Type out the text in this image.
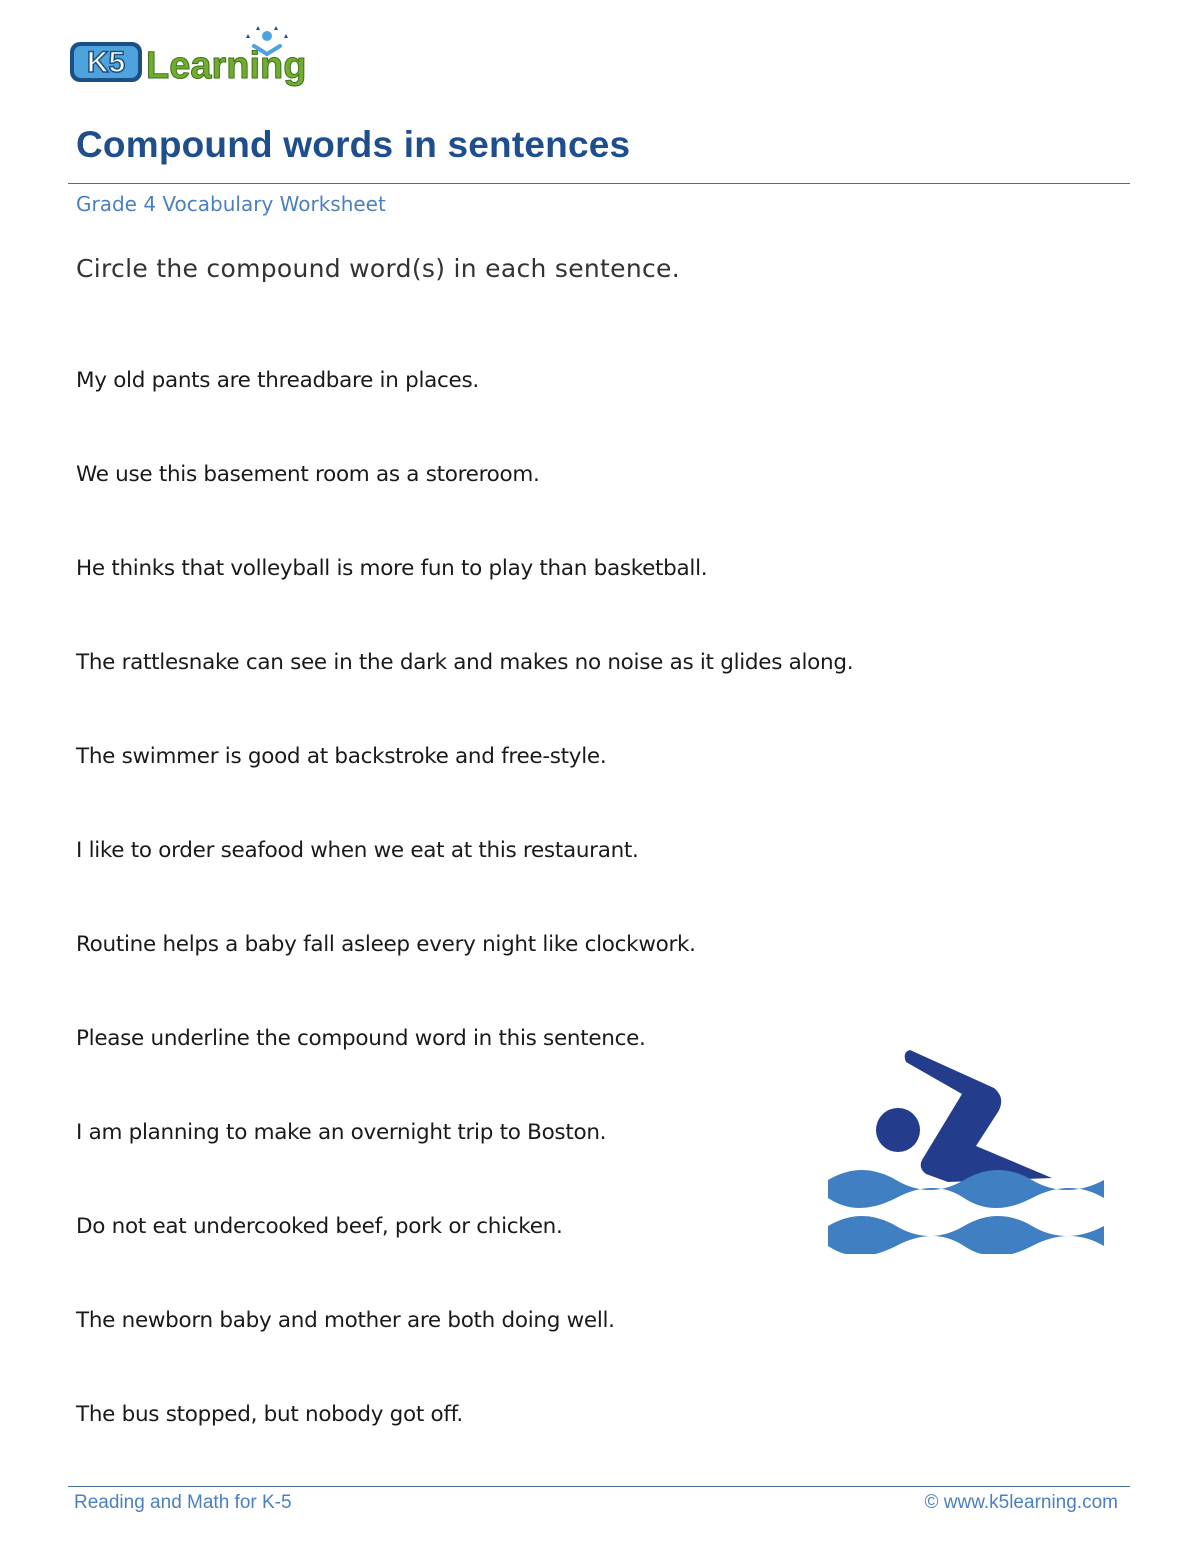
K5 Learning
Compound words in sentences
Grade 4 Vocabulary Worksheet
Circle the compound word(s) in each sentence.
My old pants are threadbare in places.
We use this basement room as a storeroom.
He thinks that volleyball is more fun to play than basketball.
The rattlesnake can see in the dark and makes no noise as it glides along.
The swimmer is good at backstroke and free-style.
I like to order seafood when we eat at this restaurant.
Routine helps a baby fall asleep every night like clockwork.
Please underline the compound word in this sentence.
I am planning to make an overnight trip to Boston.
Do not eat undercooked beef, pork or chicken.
The newborn baby and mother are both doing well.
The bus stopped, but nobody got off.
Reading and Math for K-5	© www.k5learning.com
